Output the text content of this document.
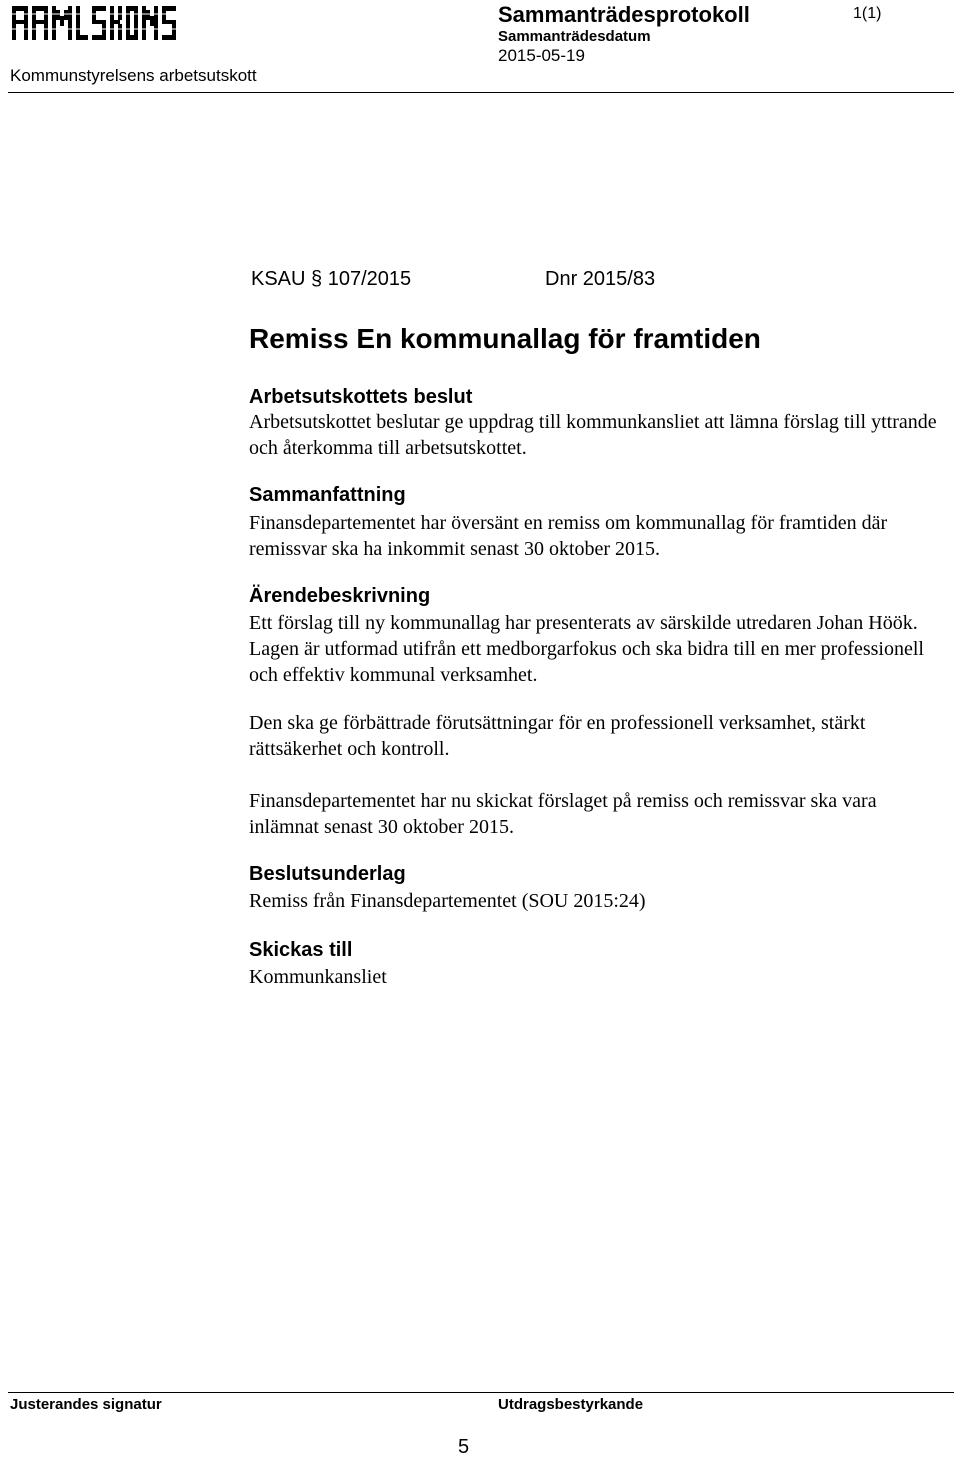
Kommunstyrelsens arbetsutskott
Sammanträdesprotokoll
Sammanträdesdatum
2015-05-19
1(1)
KSAU § 107/2015	Dnr 2015/83
Remiss En kommunallag för framtiden
Arbetsutskottets beslut
Arbetsutskottet beslutar ge uppdrag till kommunkansliet att lämna förslag till yttrande och återkomma till arbetsutskottet.
Sammanfattning
Finansdepartementet har översänt en remiss om kommunallag för framtiden där remissvar ska ha inkommit senast 30 oktober 2015.
Ärendebeskrivning
Ett förslag till ny kommunallag har presenterats av särskilde utredaren Johan Höök. Lagen är utformad utifrån ett medborgarfokus och ska bidra till en mer professionell och effektiv kommunal verksamhet.
Den ska ge förbättrade förutsättningar för en professionell verksamhet, stärkt rättsäkerhet och kontroll.
Finansdepartementet har nu skickat förslaget på remiss och remissvar ska vara inlämnat senast 30 oktober 2015.
Beslutsunderlag
Remiss från Finansdepartementet (SOU 2015:24)
Skickas till
Kommunkansliet
Justerandes signatur	Utdragsbestyrkande
5
